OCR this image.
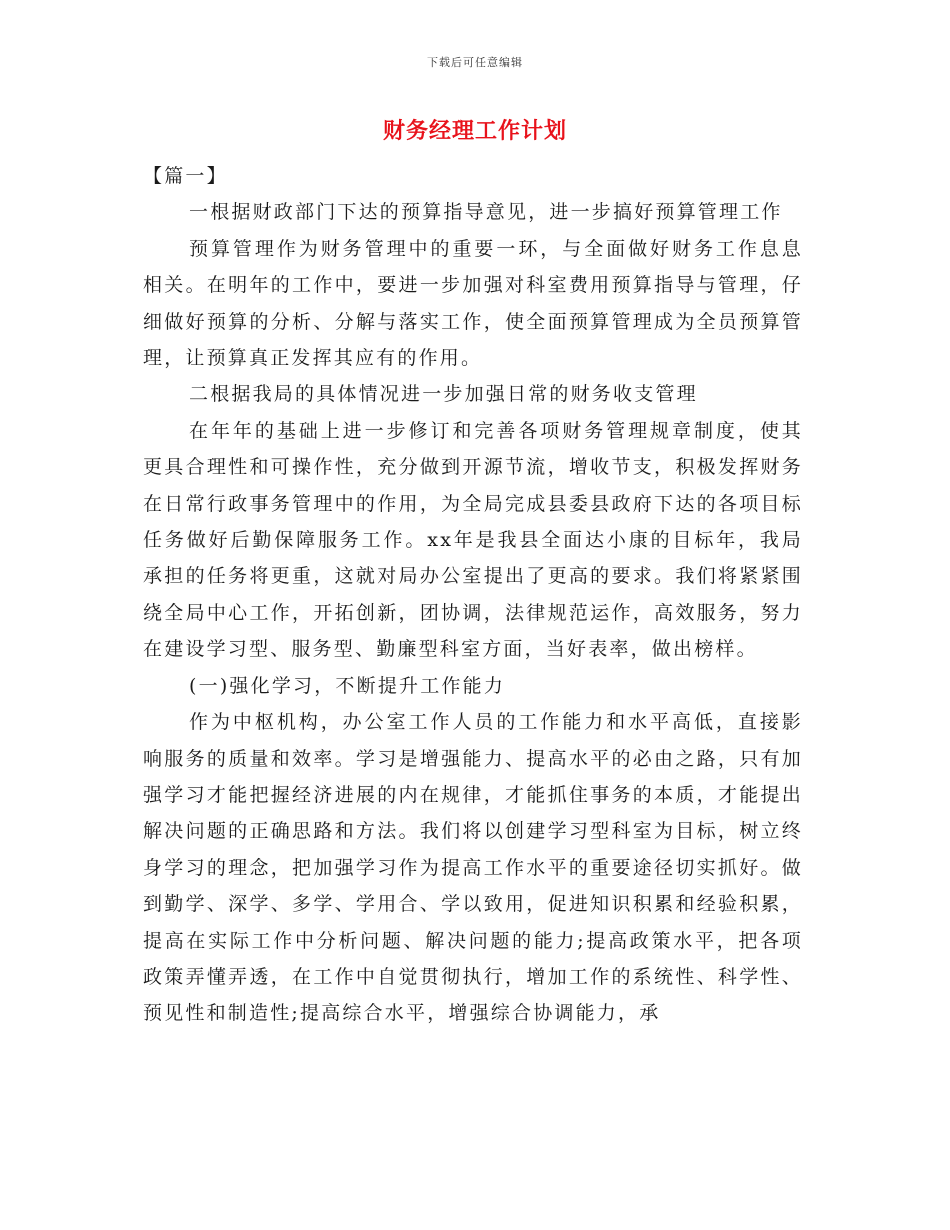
下载后可任意编辑
财务经理工作计划

【篇一】

一根据财政部门下达的预算指导意见，进一步搞好预算管理工作

预算管理作为财务管理中的重要一环，与全面做好财务工作息息相关。在明年的工作中，要进一步加强对科室费用预算指导与管理，仔细做好预算的分析、分解与落实工作，使全面预算管理成为全员预算管理，让预算真正发挥其应有的作用。

二根据我局的具体情况进一步加强日常的财务收支管理

在年年的基础上进一步修订和完善各项财务管理规章制度，使其更具合理性和可操作性，充分做到开源节流，增收节支，积极发挥财务在日常行政事务管理中的作用，为全局完成县委县政府下达的各项目标任务做好后勤保障服务工作。xx年是我县全面达小康的目标年，我局承担的任务将更重，这就对局办公室提出了更高的要求。我们将紧紧围绕全局中心工作，开拓创新，团协调，法律规范运作，高效服务，努力在建设学习型、服务型、勤廉型科室方面，当好表率，做出榜样。

(一)强化学习，不断提升工作能力

作为中枢机构，办公室工作人员的工作能力和水平高低，直接影响服务的质量和效率。学习是增强能力、提高水平的必由之路，只有加强学习才能把握经济进展的内在规律，才能抓住事务的本质，才能提出解决问题的正确思路和方法。我们将以创建学习型科室为目标，树立终身学习的理念，把加强学习作为提高工作水平的重要途径切实抓好。做到勤学、深学、多学、学用合、学以致用，促进知识积累和经验积累，提高在实际工作中分析问题、解决问题的能力;提高政策水平，把各项政策弄懂弄透，在工作中自觉贯彻执行，增加工作的系统性、科学性、预见性和制造性;提高综合水平，增强综合协调能力，承
